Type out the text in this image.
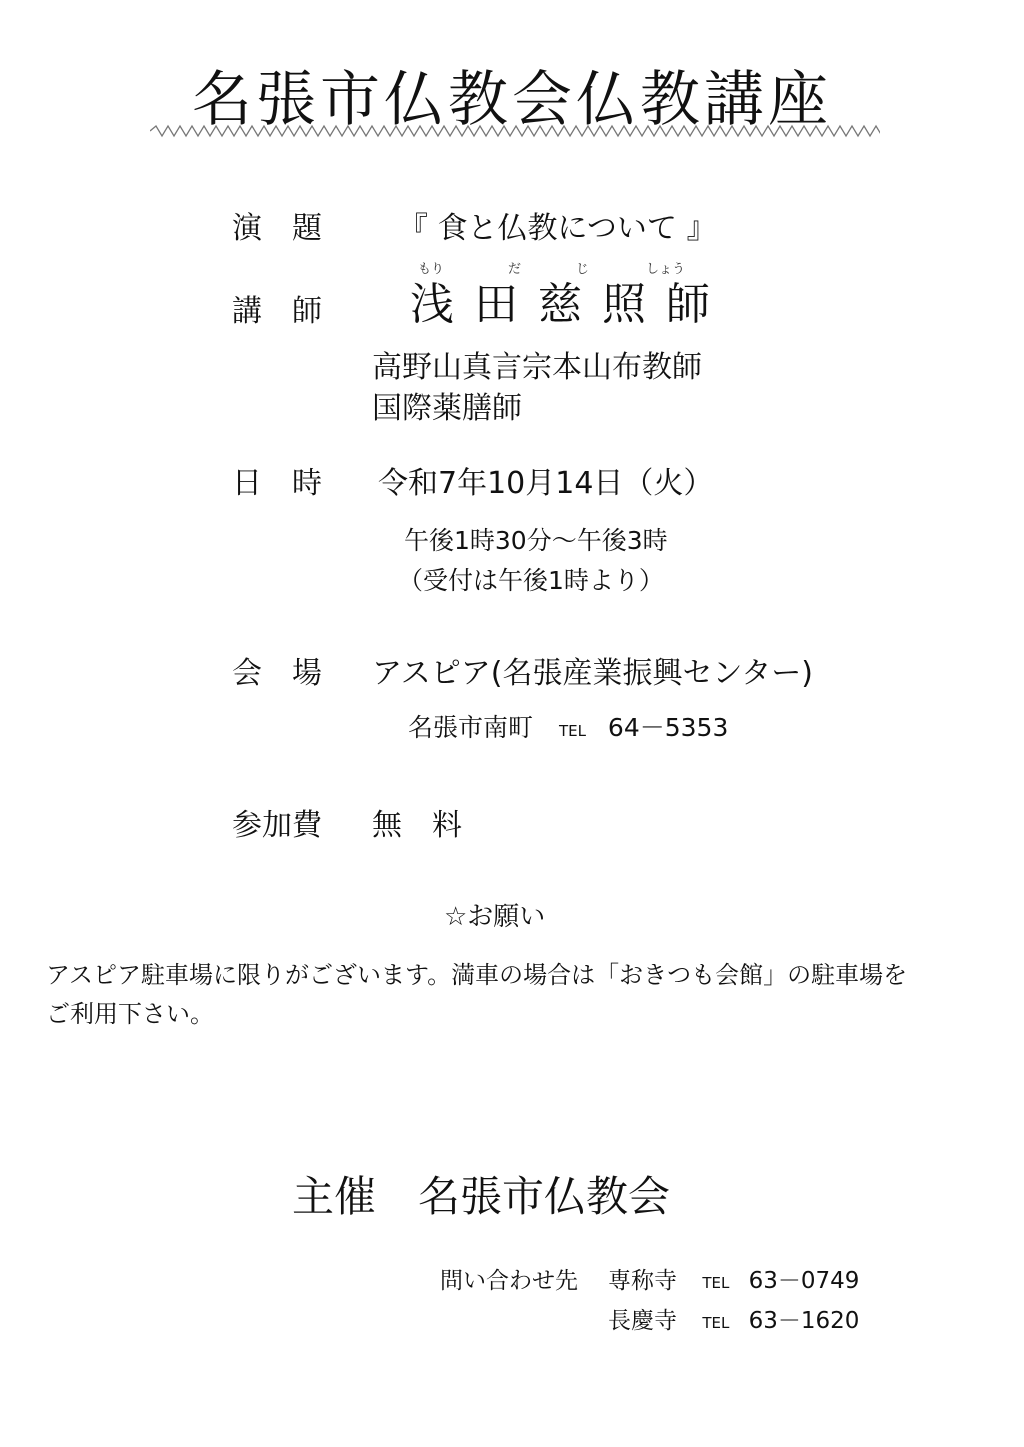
名張市仏教会仏教講座
演　題	『 食と仏教について 』
講　師
もり	だ	じ	しょう
浅田慈照師
高野山真言宗本山布教師
国際薬膳師
日　時 令和7年10月14日（火）
午後1時30分～午後3時
（受付は午後1時より）
会　場 アスピア(名張産業振興センター)
名張市南町 TEL 64－5353
参加費 無　料
☆お願い
アスピア駐車場に限りがございます。満車の場合は「おきつも会館」の駐車場を
ご利用下さい。
主催　名張市仏教会
問い合わせ先 専称寺 TEL 63－0749
長慶寺 TEL 63－1620
